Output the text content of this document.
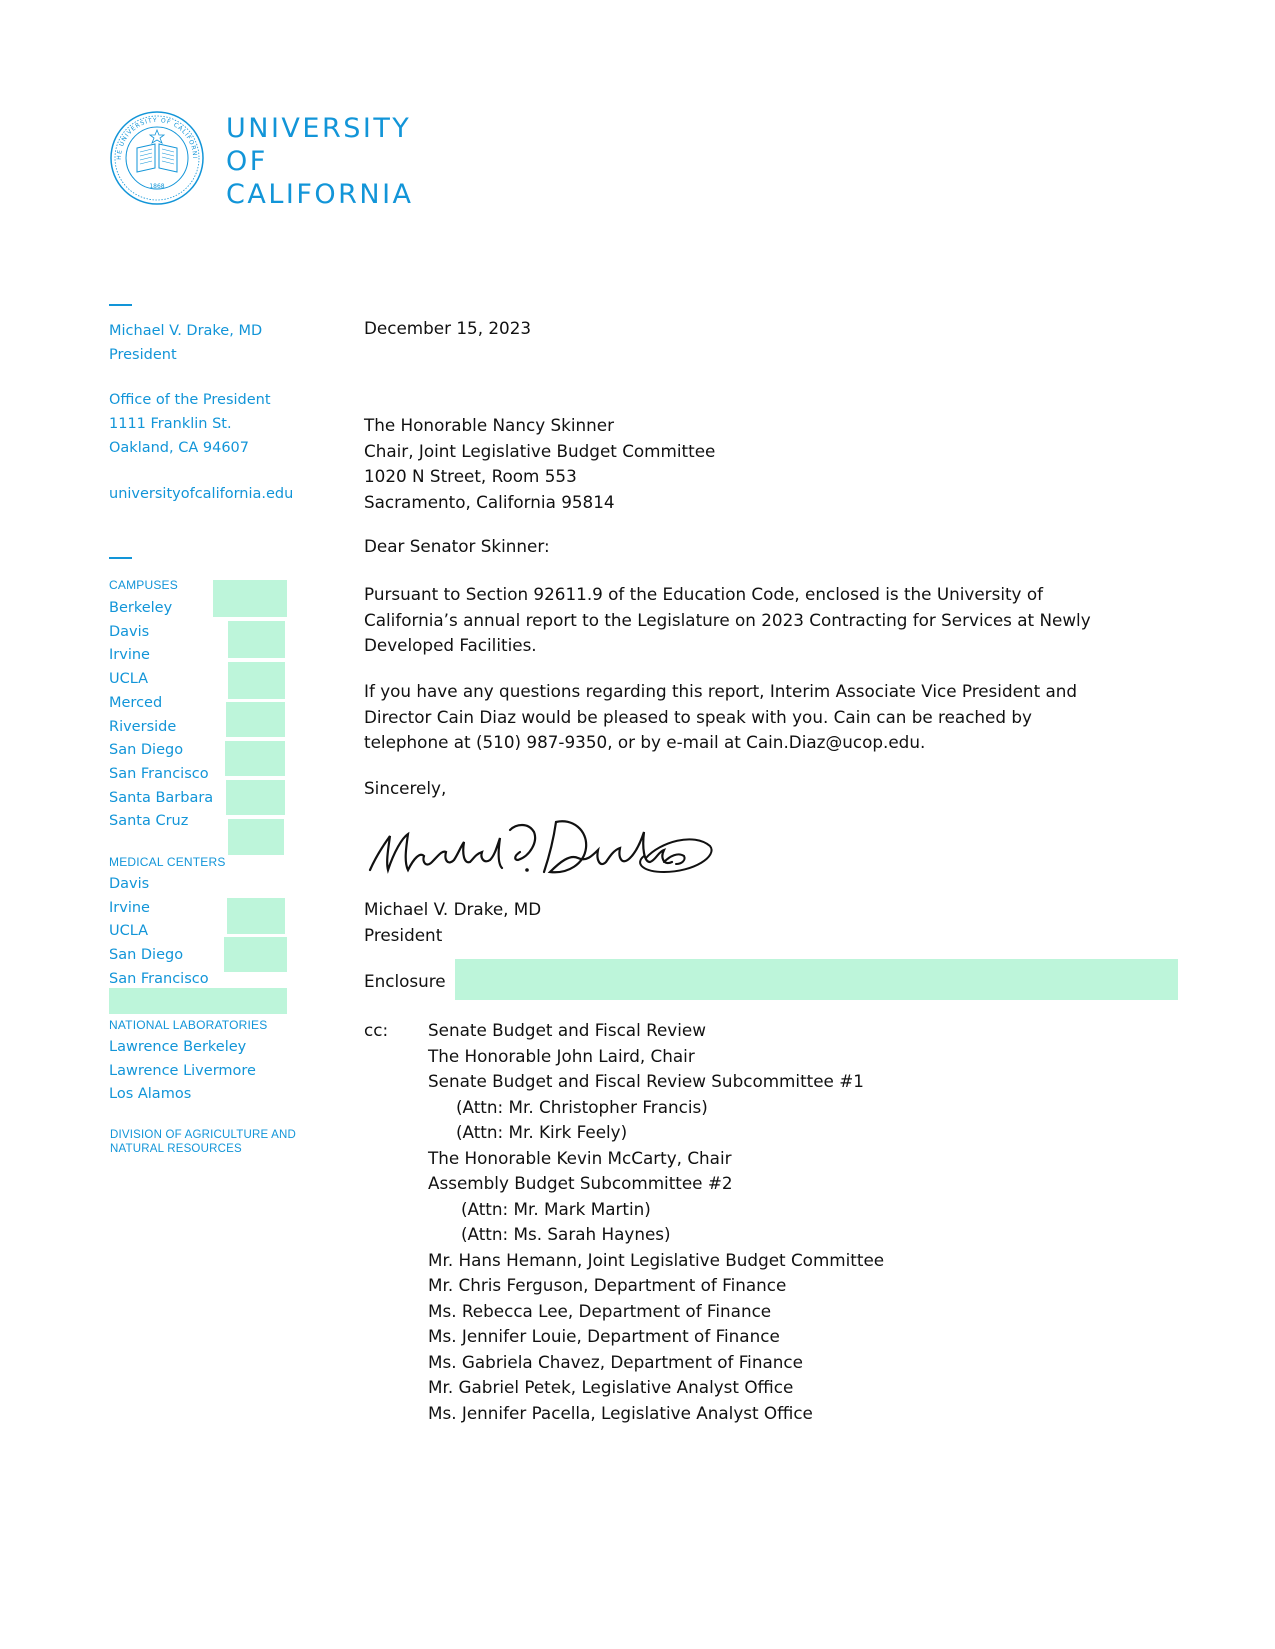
1868
HE UNIVERSITY OF CALIFORNI
UNIVERSITY
OF
CALIFORNIA
Michael V. Drake, MD
President
Office of the President
1111 Franklin St.
Oakland, CA 94607
universityofcalifornia.edu
CAMPUSES
Berkeley
Davis
Irvine
UCLA
Merced
Riverside
San Diego
San Francisco
Santa Barbara
Santa Cruz
MEDICAL CENTERS
Davis
Irvine
UCLA
San Diego
San Francisco
NATIONAL LABORATORIES
Lawrence Berkeley
Lawrence Livermore
Los Alamos
DIVISION OF AGRICULTURE AND
NATURAL RESOURCES
December 15, 2023
The Honorable Nancy Skinner
Chair, Joint Legislative Budget Committee
1020 N Street, Room 553
Sacramento, California 95814
Dear Senator Skinner:
Pursuant to Section 92611.9 of the Education Code, enclosed is the University of
California’s annual report to the Legislature on 2023 Contracting for Services at Newly
Developed Facilities.
If you have any questions regarding this report, Interim Associate Vice President and
Director Cain Diaz would be pleased to speak with you. Cain can be reached by
telephone at (510) 987-9350, or by e-mail at Cain.Diaz@ucop.edu.
Sincerely,
Michael V. Drake, MD
President
Enclosure
cc: Senate Budget and Fiscal Review
The Honorable John Laird, Chair
Senate Budget and Fiscal Review Subcommittee #1
(Attn: Mr. Christopher Francis)
(Attn: Mr. Kirk Feely)
The Honorable Kevin McCarty, Chair
Assembly Budget Subcommittee #2
(Attn: Mr. Mark Martin)
(Attn: Ms. Sarah Haynes)
Mr. Hans Hemann, Joint Legislative Budget Committee
Mr. Chris Ferguson, Department of Finance
Ms. Rebecca Lee, Department of Finance
Ms. Jennifer Louie, Department of Finance
Ms. Gabriela Chavez, Department of Finance
Mr. Gabriel Petek, Legislative Analyst Office
Ms. Jennifer Pacella, Legislative Analyst Office
